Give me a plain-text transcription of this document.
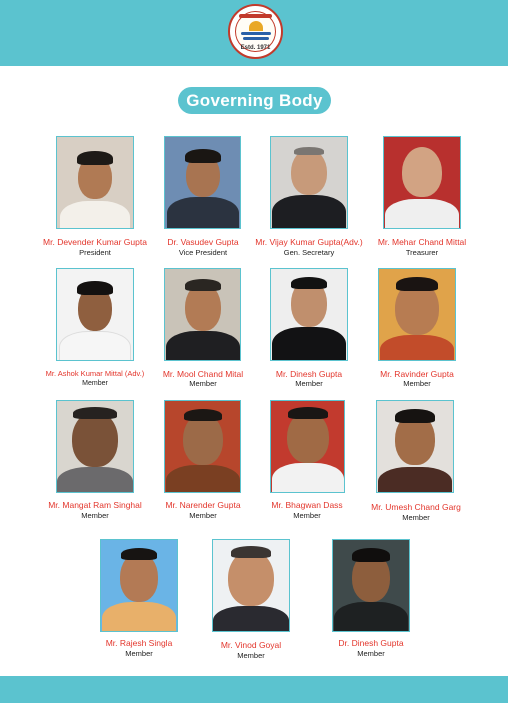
Estd. 1971
Governing Body
Mr. Devender Kumar Gupta
President
Dr. Vasudev Gupta
Vice President
Mr. Vijay Kumar Gupta(Adv.)
Gen. Secretary
Mr. Mehar Chand Mittal
Treasurer
Mr. Ashok Kumar Mittal (Adv.)
Member
Mr. Mool Chand Mital
Member
Mr. Dinesh Gupta
Member
Mr. Ravinder Gupta
Member
Mr. Mangat Ram Singhal
Member
Mr. Narender Gupta
Member
Mr. Bhagwan Dass
Member
Mr. Umesh Chand Garg
Member
Mr. Rajesh Singla
Member
Mr. Vinod Goyal
Member
Dr. Dinesh Gupta
Member
